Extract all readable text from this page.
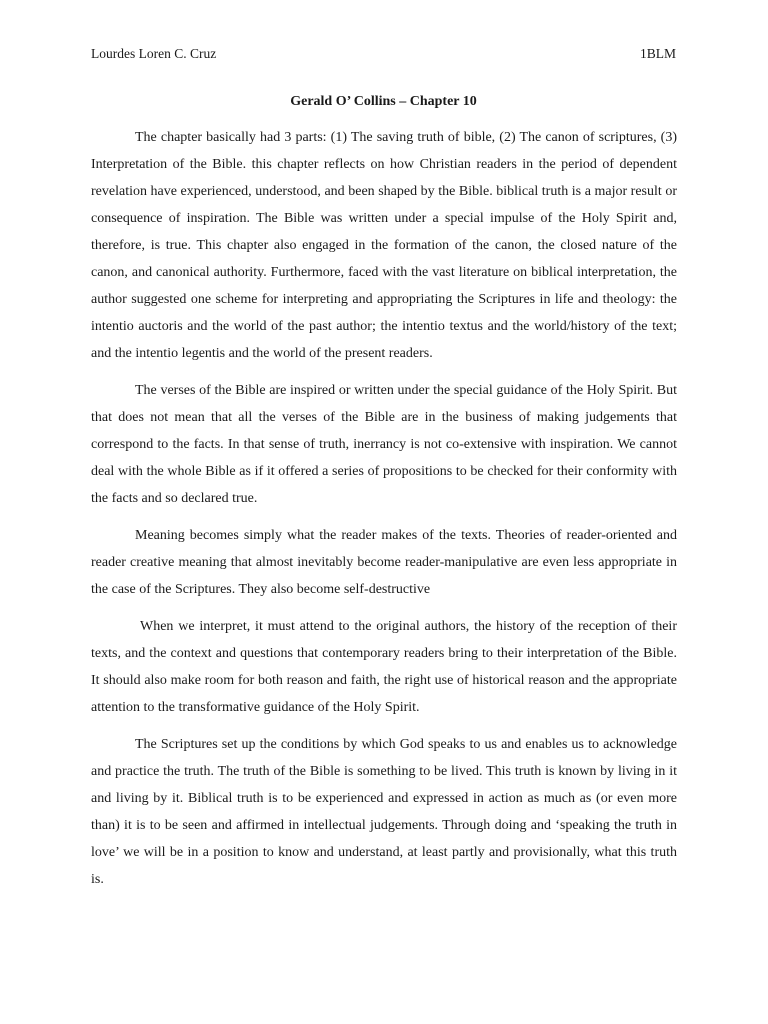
Lourdes Loren C. Cruz	1BLM
Gerald O’ Collins – Chapter 10

The chapter basically had 3 parts: (1) The saving truth of bible, (2) The canon of scriptures, (3) Interpretation of the Bible. this chapter reflects on how Christian readers in the period of dependent revelation have experienced, understood, and been shaped by the Bible. biblical truth is a major result or consequence of inspiration. The Bible was written under a special impulse of the Holy Spirit and, therefore, is true. This chapter also engaged in the formation of the canon, the closed nature of the canon, and canonical authority. Furthermore, faced with the vast literature on biblical interpretation, the author suggested one scheme for interpreting and appropriating the Scriptures in life and theology: the intentio auctoris and the world of the past author; the intentio textus and the world/history of the text; and the intentio legentis and the world of the present readers.

The verses of the Bible are inspired or written under the special guidance of the Holy Spirit. But that does not mean that all the verses of the Bible are in the business of making judgements that correspond to the facts. In that sense of truth, inerrancy is not co-extensive with inspiration. We cannot deal with the whole Bible as if it offered a series of propositions to be checked for their conformity with the facts and so declared true.

Meaning becomes simply what the reader makes of the texts. Theories of reader-oriented and reader creative meaning that almost inevitably become reader-manipulative are even less appropriate in the case of the Scriptures. They also become self-destructive

When we interpret, it must attend to the original authors, the history of the reception of their texts, and the context and questions that contemporary readers bring to their interpretation of the Bible. It should also make room for both reason and faith, the right use of historical reason and the appropriate attention to the transformative guidance of the Holy Spirit.

The Scriptures set up the conditions by which God speaks to us and enables us to acknowledge and practice the truth. The truth of the Bible is something to be lived. This truth is known by living in it and living by it. Biblical truth is to be experienced and expressed in action as much as (or even more than) it is to be seen and affirmed in intellectual judgements. Through doing and ‘speaking the truth in love’ we will be in a position to know and understand, at least partly and provisionally, what this truth is.
